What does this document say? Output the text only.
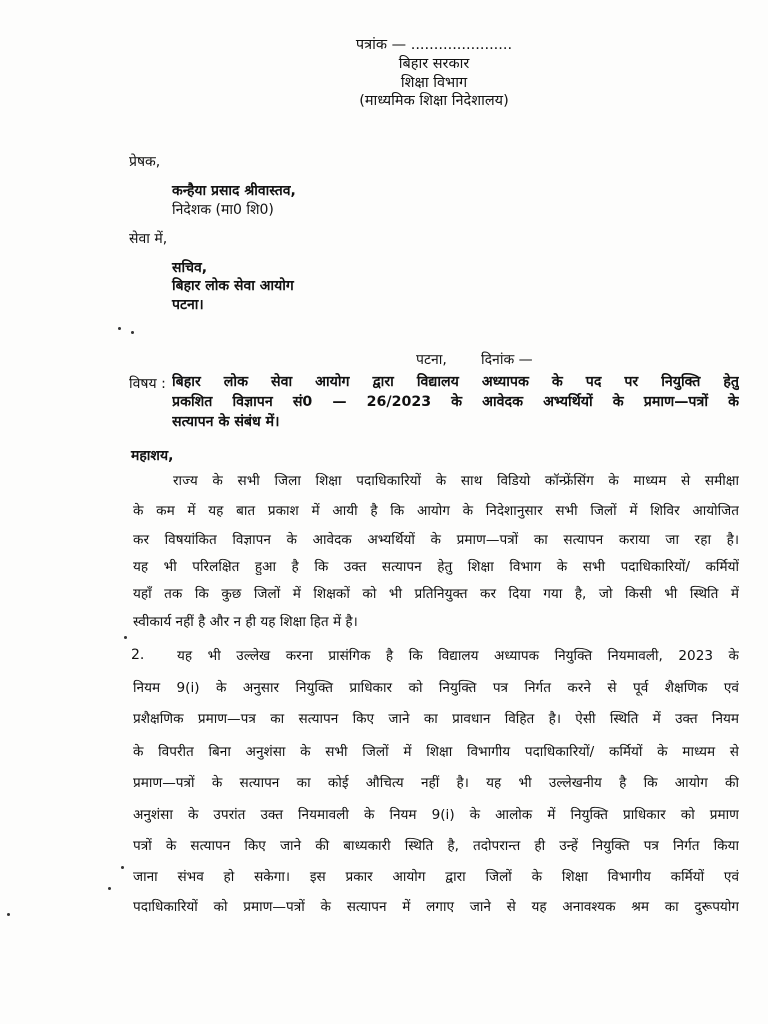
पत्रांक — ......................
बिहार सरकार
शिक्षा विभाग
(माध्यमिक शिक्षा निदेशालय)
प्रेषक,
कन्हैया प्रसाद श्रीवास्तव,
निदेशक (मा0 शि0)
सेवा में,
सचिव,
बिहार लोक सेवा आयोग
पटना।
पटना, दिनांक —
विषय : बिहार लोक सेवा आयोग द्वारा विद्यालय अध्यापक के पद पर नियुक्ति हेतु
प्रकशित विज्ञापन सं0 — 26/2023 के आवेदक अभ्यर्थियों के प्रमाण—पत्रों के
सत्यापन के संबंध में।
महाशय,
राज्य के सभी जिला शिक्षा पदाधिकारियों के साथ विडियो कॉन्फ्रेंसिंग के माध्यम से समीक्षा
के कम में यह बात प्रकाश में आयी है कि आयोग के निदेशानुसार सभी जिलों में शिविर आयोजित
कर विषयांकित विज्ञापन के आवेदक अभ्यर्थियों के प्रमाण—पत्रों का सत्यापन कराया जा रहा है।
यह भी परिलक्षित हुआ है कि उक्त सत्यापन हेतु शिक्षा विभाग के सभी पदाधिकारियों/ कर्मियों
यहाँ तक कि कुछ जिलों में शिक्षकों को भी प्रतिनियुक्त कर दिया गया है, जो किसी भी स्थिति में
स्वीकार्य नहीं है और न ही यह शिक्षा हित में है।
2. यह भी उल्लेख करना प्रासंगिक है कि विद्यालय अध्यापक नियुक्ति नियमावली, 2023 के
नियम 9(i) के अनुसार नियुक्ति प्राधिकार को नियुक्ति पत्र निर्गत करने से पूर्व शैक्षणिक एवं
प्रशैक्षणिक प्रमाण—पत्र का सत्यापन किए जाने का प्रावधान विहित है। ऐसी स्थिति में उक्त नियम
के विपरीत बिना अनुशंसा के सभी जिलों में शिक्षा विभागीय पदाधिकारियों/ कर्मियों के माध्यम से
प्रमाण—पत्रों के सत्यापन का कोई औचित्य नहीं है। यह भी उल्लेखनीय है कि आयोग की
अनुशंसा के उपरांत उक्त नियमावली के नियम 9(i) के आलोक में नियुक्ति प्राधिकार को प्रमाण
पत्रों के सत्यापन किए जाने की बाध्यकारी स्थिति है, तदोपरान्त ही उन्हें नियुक्ति पत्र निर्गत किया
जाना संभव हो सकेगा। इस प्रकार आयोग द्वारा जिलों के शिक्षा विभागीय कर्मियों एवं
पदाधिकारियों को प्रमाण—पत्रों के सत्यापन में लगाए जाने से यह अनावश्यक श्रम का दुरूपयोग
